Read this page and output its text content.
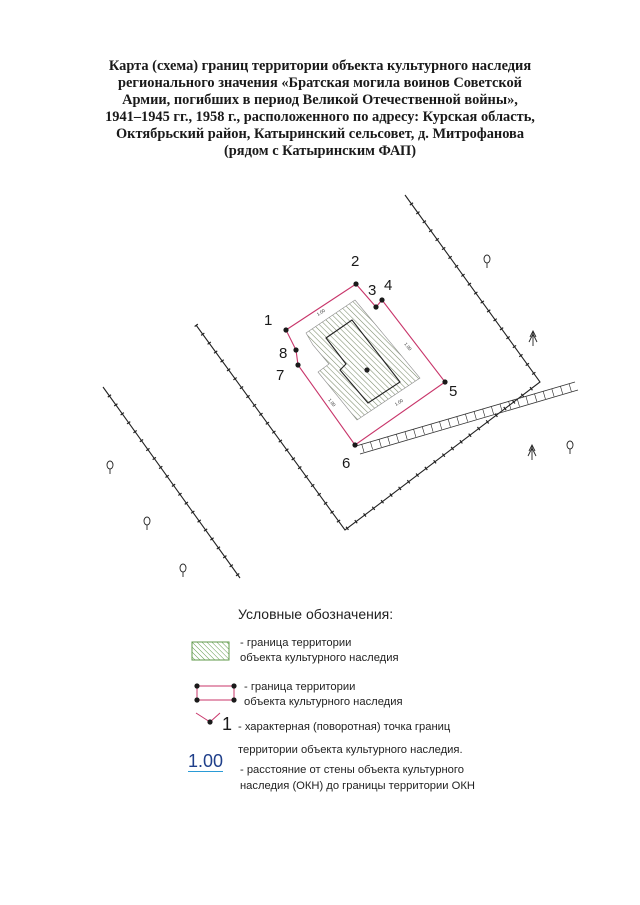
Карта (схема) границ территории объекта культурного наследия
регионального значения «Братская могила воинов Советской
Армии, погибших в период Великой Отечественной войны»,
1941–1945 гг., 1958 г., расположенного по адресу: Курская область,
Октябрьский район, Катыринский сельсовет, д. Митрофанова
(рядом с Катыринским ФАП)
1
2
3 4
5
6
7
8
1.00
1.00
1.00
1.00
1
Условные обозначения:
- граница территории
объекта культурного наследия
- граница территории
объекта культурного наследия
- характерная (поворотная) точка границ
территории объекта культурного наследия.
1.00 - расстояние от стены объекта культурного
наследия (ОКН) до границы территории ОКН
